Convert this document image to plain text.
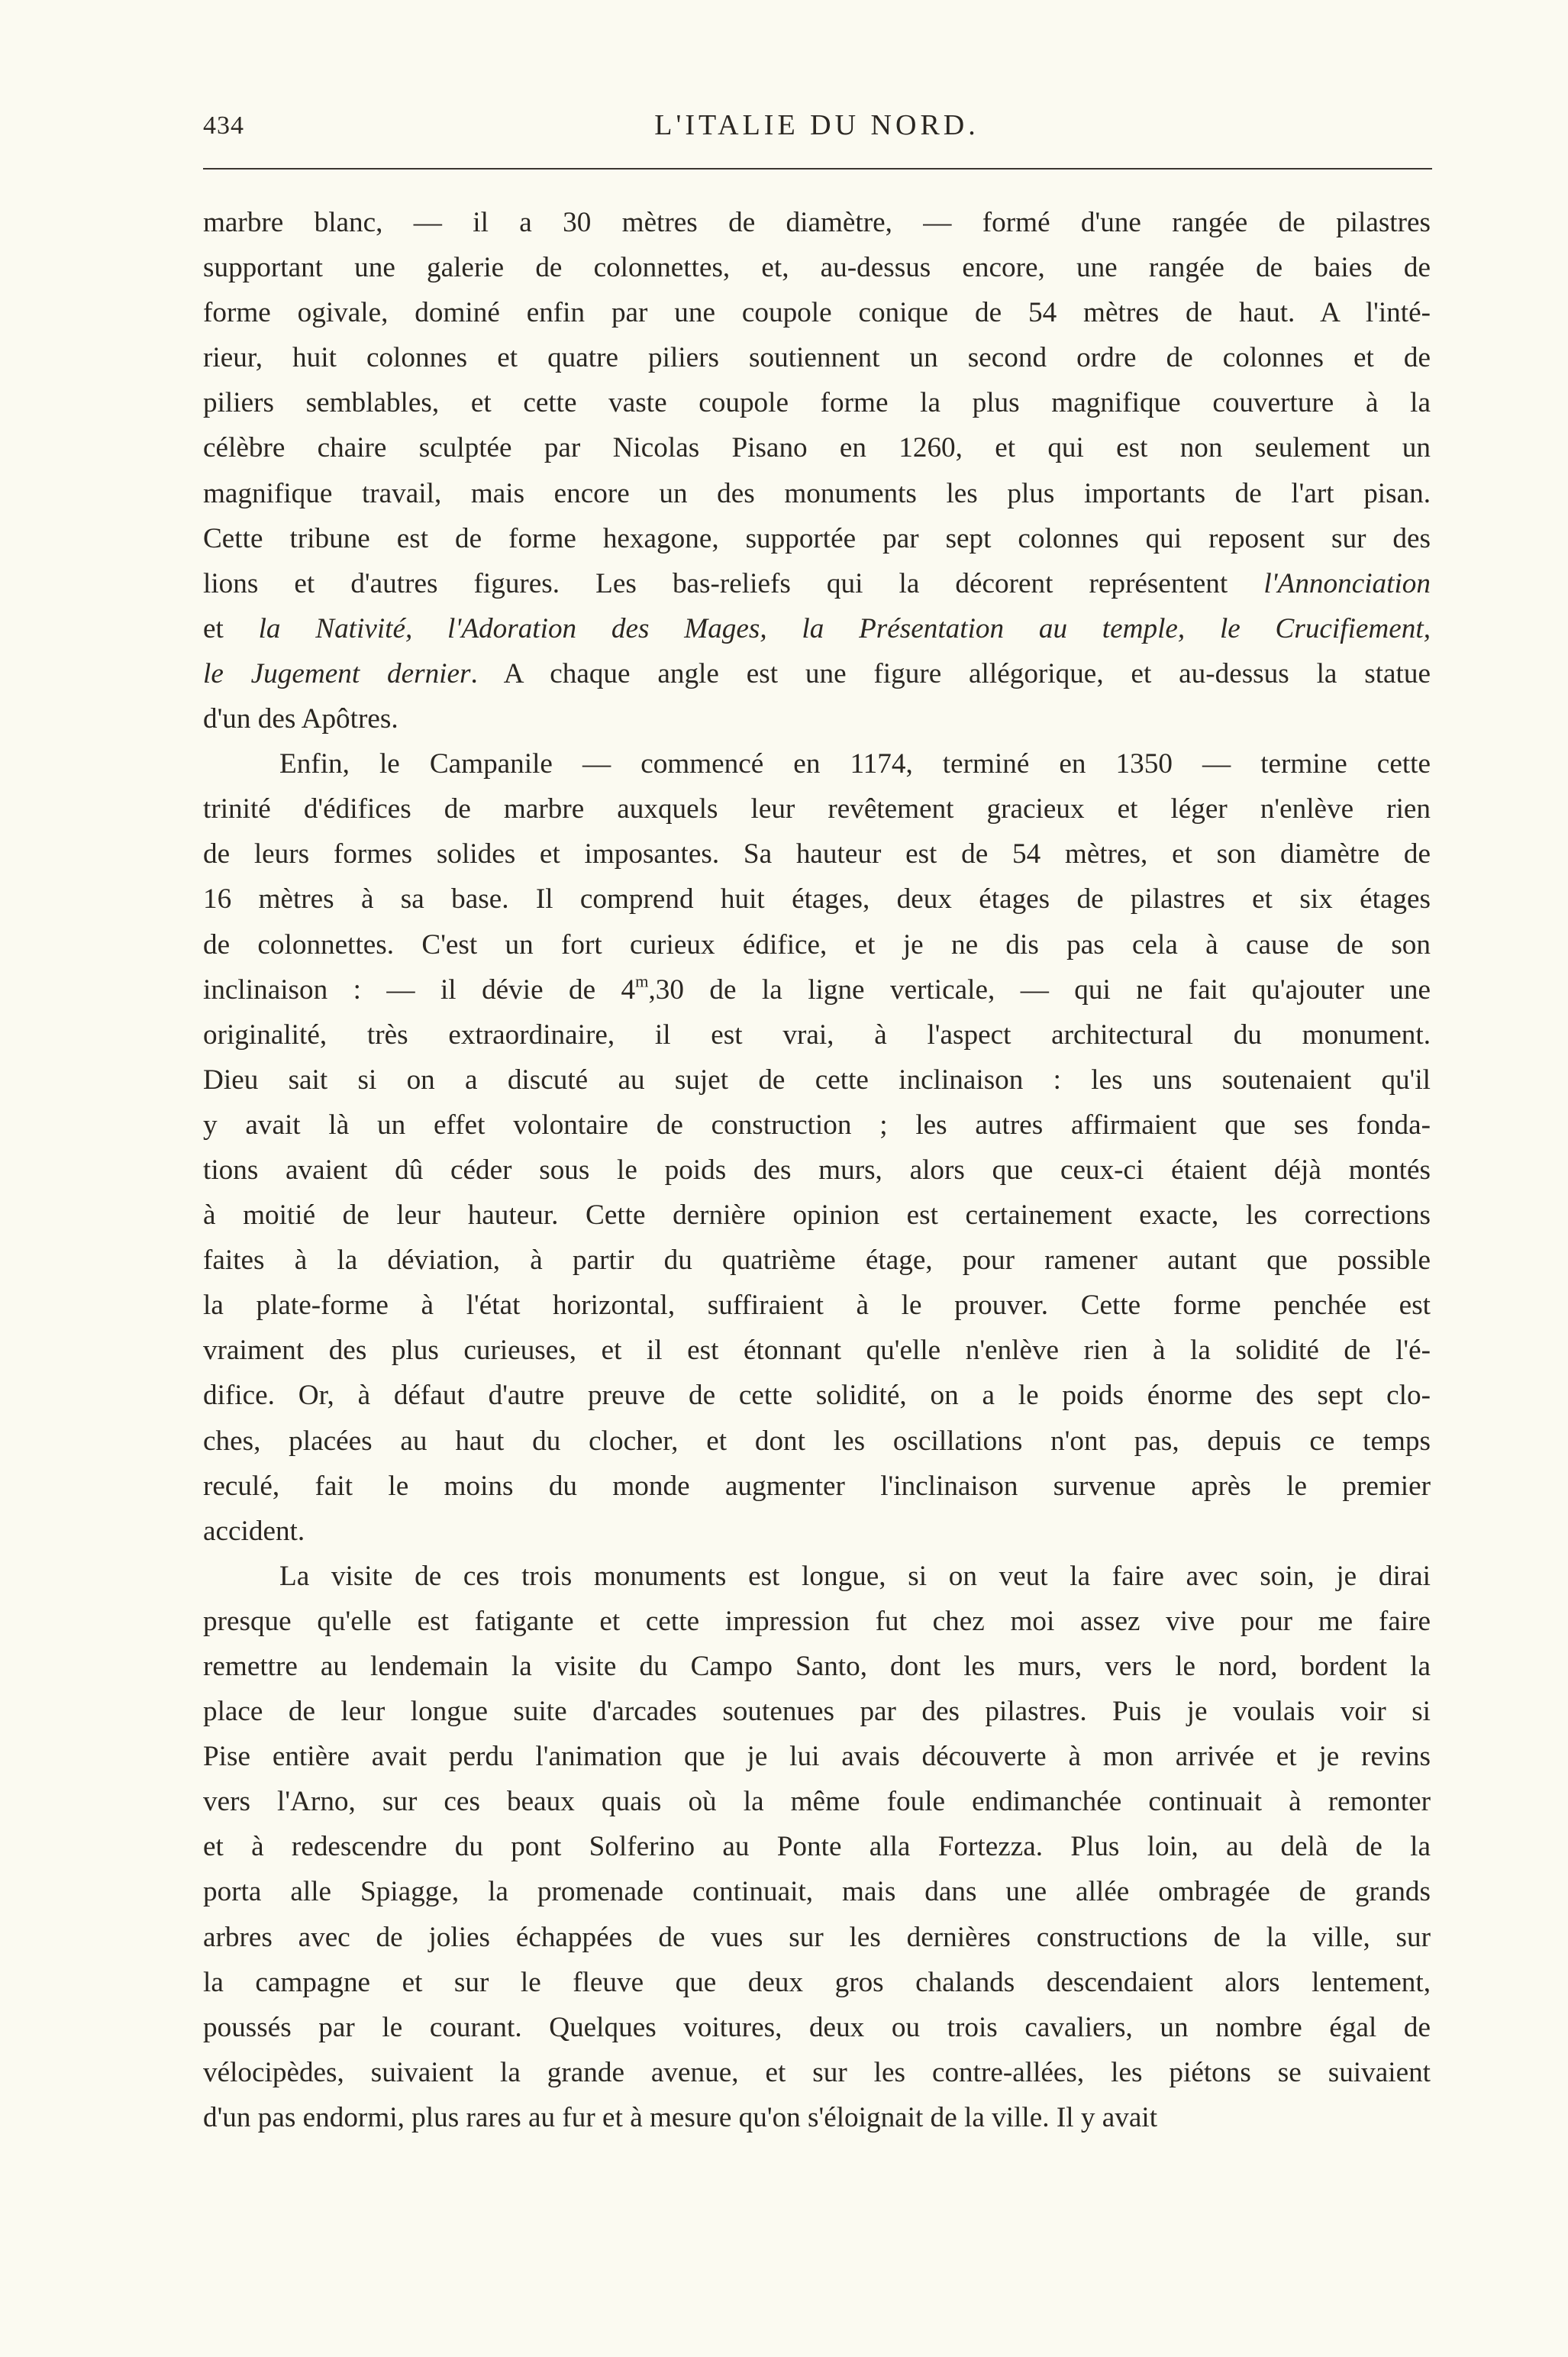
434	L'ITALIE DU NORD.
marbre blanc, — il a 30 mètres de diamètre, — formé d'une rangée de pilastres
supportant une galerie de colonnettes, et, au-dessus encore, une rangée de baies de
forme ogivale, dominé enfin par une coupole conique de 54 mètres de haut. A l'inté-
rieur, huit colonnes et quatre piliers soutiennent un second ordre de colonnes et de
piliers semblables, et cette vaste coupole forme la plus magnifique couverture à la
célèbre chaire sculptée par Nicolas Pisano en 1260, et qui est non seulement un
magnifique travail, mais encore un des monuments les plus importants de l'art pisan.
Cette tribune est de forme hexagone, supportée par sept colonnes qui reposent sur des
lions et d'autres figures. Les bas-reliefs qui la décorent représentent l'Annonciation
et la Nativité, l'Adoration des Mages, la Présentation au temple, le Crucifiement,
le Jugement dernier. A chaque angle est une figure allégorique, et au-dessus la statue
d'un des Apôtres.
Enfin, le Campanile — commencé en 1174, terminé en 1350 — termine cette
trinité d'édifices de marbre auxquels leur revêtement gracieux et léger n'enlève rien
de leurs formes solides et imposantes. Sa hauteur est de 54 mètres, et son diamètre de
16 mètres à sa base. Il comprend huit étages, deux étages de pilastres et six étages
de colonnettes. C'est un fort curieux édifice, et je ne dis pas cela à cause de son
inclinaison : — il dévie de 4$^m$,30 de la ligne verticale, — qui ne fait qu'ajouter une
originalité, très extraordinaire, il est vrai, à l'aspect architectural du monument.
Dieu sait si on a discuté au sujet de cette inclinaison : les uns soutenaient qu'il
y avait là un effet volontaire de construction ; les autres affirmaient que ses fonda-
tions avaient dû céder sous le poids des murs, alors que ceux-ci étaient déjà montés
à moitié de leur hauteur. Cette dernière opinion est certainement exacte, les corrections
faites à la déviation, à partir du quatrième étage, pour ramener autant que possible
la plate-forme à l'état horizontal, suffiraient à le prouver. Cette forme penchée est
vraiment des plus curieuses, et il est étonnant qu'elle n'enlève rien à la solidité de l'é-
difice. Or, à défaut d'autre preuve de cette solidité, on a le poids énorme des sept clo-
ches, placées au haut du clocher, et dont les oscillations n'ont pas, depuis ce temps
reculé, fait le moins du monde augmenter l'inclinaison survenue après le premier
accident.
La visite de ces trois monuments est longue, si on veut la faire avec soin, je dirai
presque qu'elle est fatigante et cette impression fut chez moi assez vive pour me faire
remettre au lendemain la visite du Campo Santo, dont les murs, vers le nord, bordent la
place de leur longue suite d'arcades soutenues par des pilastres. Puis je voulais voir si
Pise entière avait perdu l'animation que je lui avais découverte à mon arrivée et je revins
vers l'Arno, sur ces beaux quais où la même foule endimanchée continuait à remonter
et à redescendre du pont Solferino au Ponte alla Fortezza. Plus loin, au delà de la
porta alle Spiagge, la promenade continuait, mais dans une allée ombragée de grands
arbres avec de jolies échappées de vues sur les dernières constructions de la ville, sur
la campagne et sur le fleuve que deux gros chalands descendaient alors lentement,
poussés par le courant. Quelques voitures, deux ou trois cavaliers, un nombre égal de
vélocipèdes, suivaient la grande avenue, et sur les contre-allées, les piétons se suivaient
d'un pas endormi, plus rares au fur et à mesure qu'on s'éloignait de la ville. Il y avait
